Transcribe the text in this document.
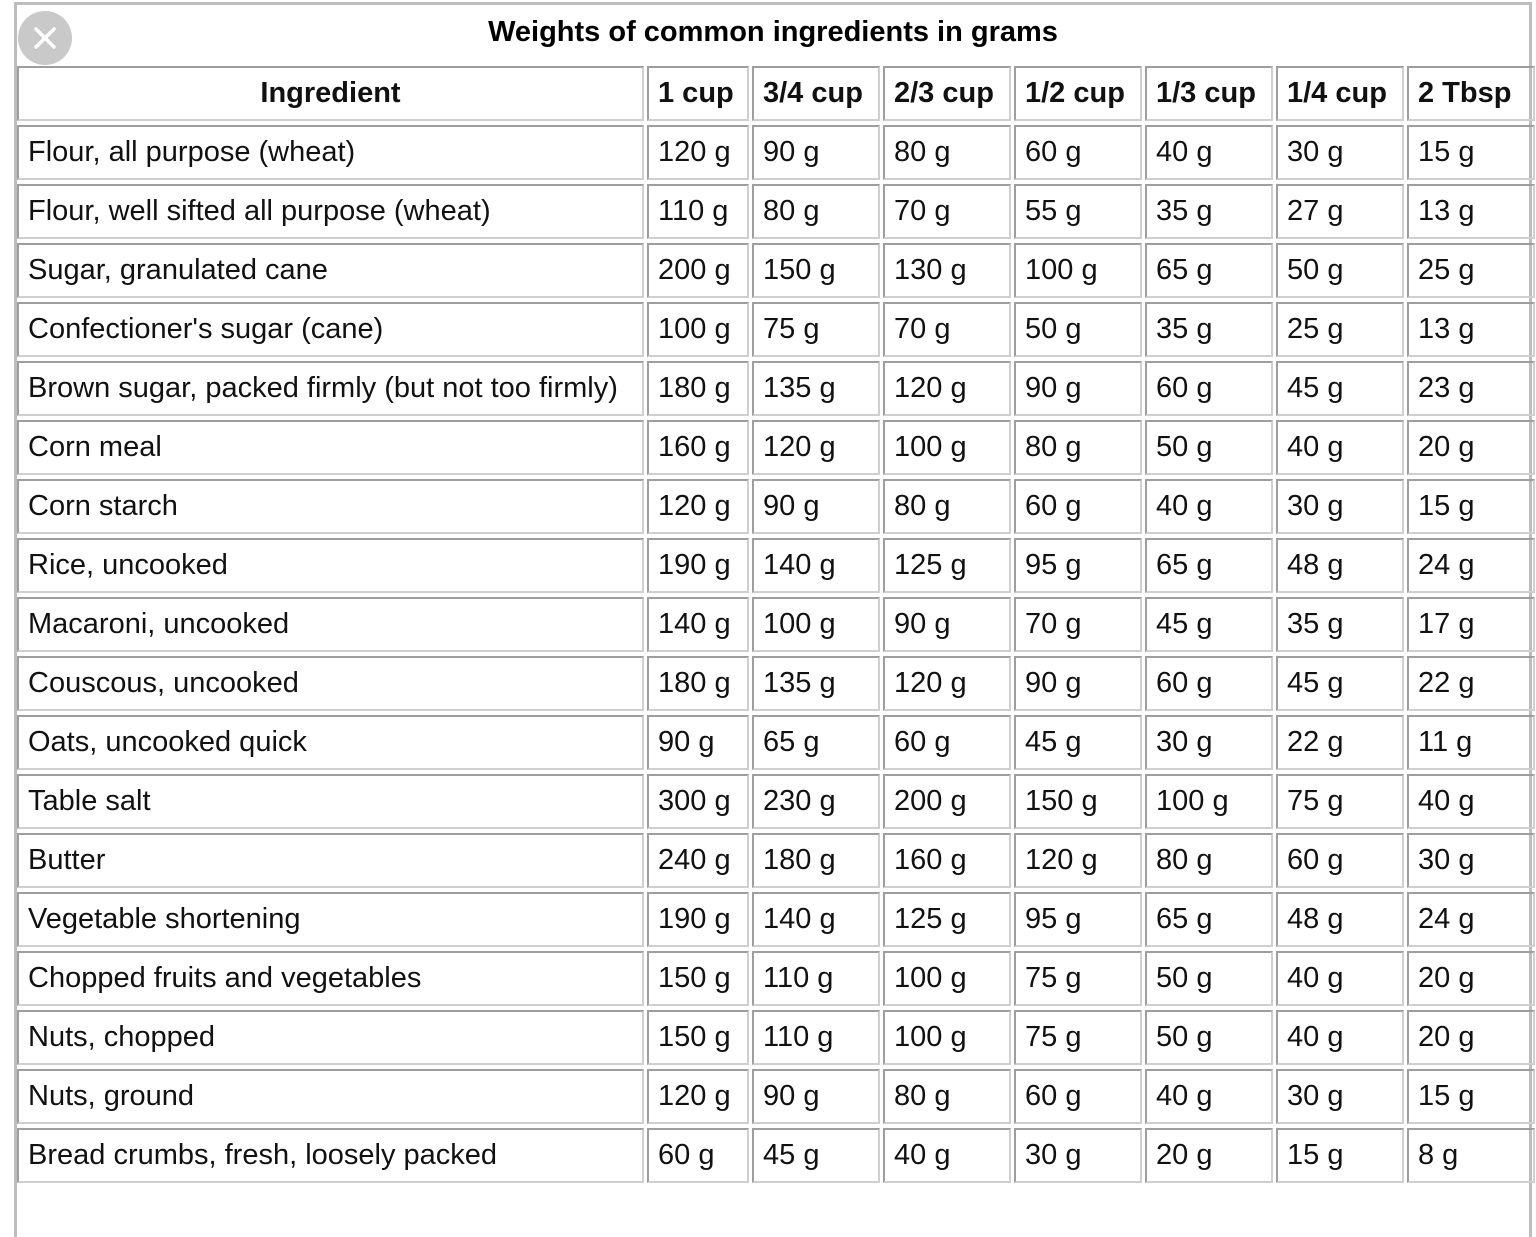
Weights of common ingredients in grams
Ingredient	1 cup	3/4 cup	2/3 cup	1/2 cup	1/3 cup	1/4 cup	2 Tbsp
Flour, all purpose (wheat)	120 g	90 g	80 g	60 g	40 g	30 g	15 g
Flour, well sifted all purpose (wheat)	110 g	80 g	70 g	55 g	35 g	27 g	13 g
Sugar, granulated cane	200 g	150 g	130 g	100 g	65 g	50 g	25 g
Confectioner's sugar (cane)	100 g	75 g	70 g	50 g	35 g	25 g	13 g
Brown sugar, packed firmly (but not too firmly)	180 g	135 g	120 g	90 g	60 g	45 g	23 g
Corn meal	160 g	120 g	100 g	80 g	50 g	40 g	20 g
Corn starch	120 g	90 g	80 g	60 g	40 g	30 g	15 g
Rice, uncooked	190 g	140 g	125 g	95 g	65 g	48 g	24 g
Macaroni, uncooked	140 g	100 g	90 g	70 g	45 g	35 g	17 g
Couscous, uncooked	180 g	135 g	120 g	90 g	60 g	45 g	22 g
Oats, uncooked quick	90 g	65 g	60 g	45 g	30 g	22 g	11 g
Table salt	300 g	230 g	200 g	150 g	100 g	75 g	40 g
Butter	240 g	180 g	160 g	120 g	80 g	60 g	30 g
Vegetable shortening	190 g	140 g	125 g	95 g	65 g	48 g	24 g
Chopped fruits and vegetables	150 g	110 g	100 g	75 g	50 g	40 g	20 g
Nuts, chopped	150 g	110 g	100 g	75 g	50 g	40 g	20 g
Nuts, ground	120 g	90 g	80 g	60 g	40 g	30 g	15 g
Bread crumbs, fresh, loosely packed	60 g	45 g	40 g	30 g	20 g	15 g	8 g
